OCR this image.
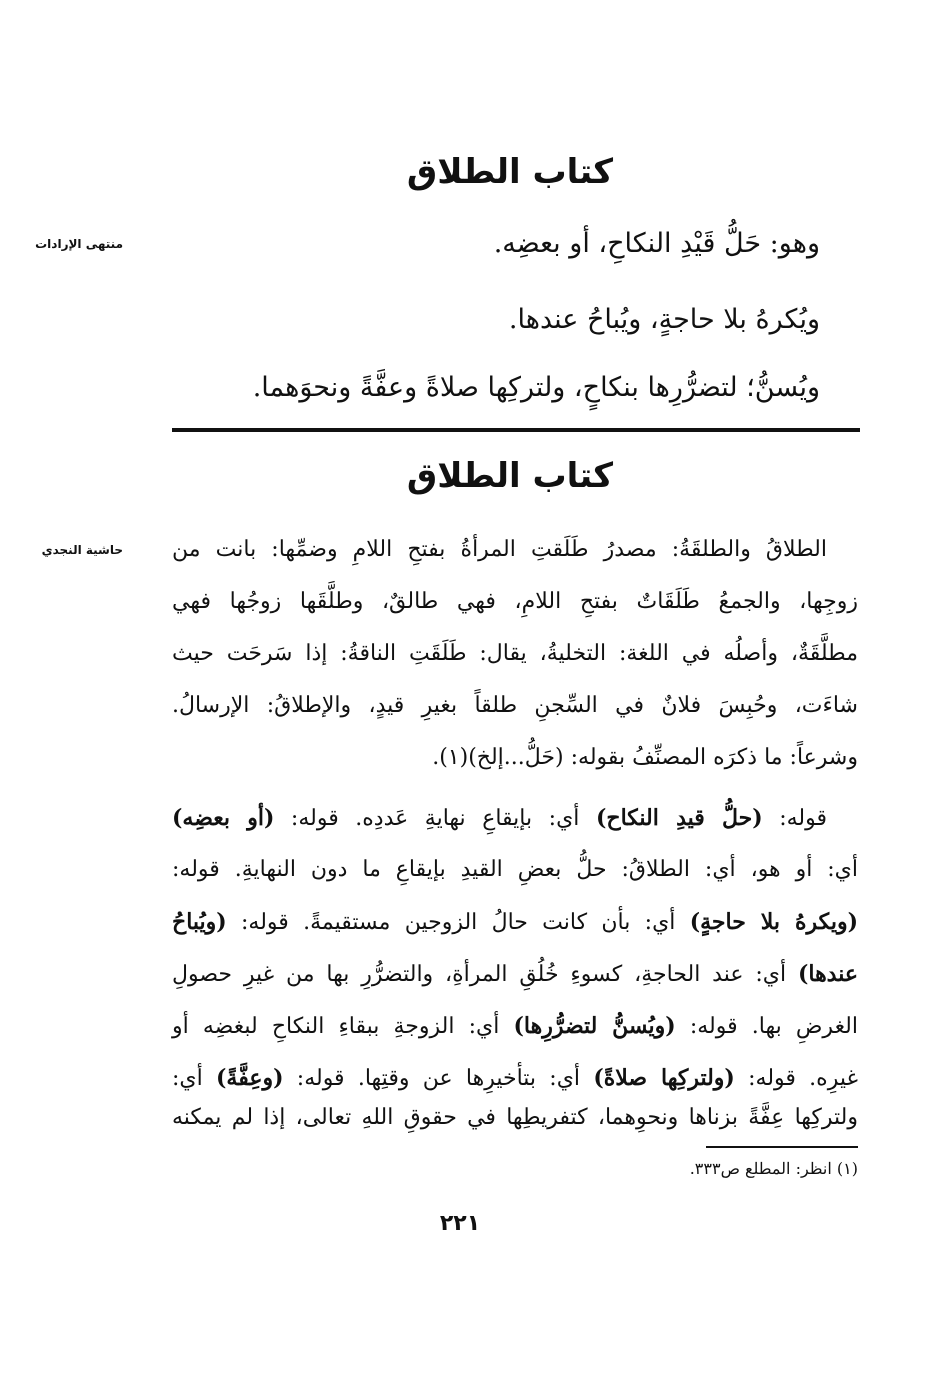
كتاب الطلاق
منتهى الإرادات	وهو: حَلُّ قَيْدِ النكاحِ، أو بعضِه.
ويُكرهُ بلا حاجةٍ، ويُباحُ عندها.
ويُسنُّ؛ لتضرُّرِها بنكاحٍ، ولتركِها صلاةً وعفَّةً ونحوَهما.
كتاب الطلاق
حاشية النجدي الطلاقُ والطلقَةُ: مصدرُ طَلَقتِ المرأةُ بفتحِ اللامِ وضمِّها: بانت من
زوجِها، والجمعُ طَلَقَاتٌ بفتحِ اللامِ، فهي طالقٌ، وطلَّقَها زوجُها فهي
مطلَّقَةٌ، وأصلُه في اللغة: التخليةُ، يقال: طَلَقَتِ الناقةُ: إذا سَرحَت حيث
شاءَت، وحُبِسَ فلانٌ في السِّجنِ طلقاً بغيرِ قيدٍ، والإطلاقُ: الإرسالُ.
وشرعاً: ما ذكرَه المصنِّفُ بقوله: (حَلُّ...إلخ)(١).
قوله: (حلُّ قيدِ النكاح) أي: بإيقاعِ نهايةِ عَددِه. قوله: (أو بعضِه)
أي: أو هو، أي: الطلاقُ: حلُّ بعضِ القيدِ بإيقاعِ ما دون النهايةِ. قوله:
(ويكرهُ بلا حاجةٍ) أي: بأن كانت حالُ الزوجين مستقيمةً. قوله: (ويُباحُ
عندها) أي: عند الحاجةِ، كسوءِ خُلُقِ المرأةِ، والتضرُّرِ بها من غيرِ حصولِ
الغرضِ بها. قوله: (ويُسنُّ لتضرُّرِها) أي: الزوجةِ ببقاءِ النكاحِ لبغضِه أو
غيرِه. قوله: (ولتركِها صلاةً) أي: بتأخيرِها عن وقتِها. قوله: (وعِفَّةً) أي:
ولتركِها عِفَّةً بزناها ونحوِهما، كتفريطِها في حقوقِ اللهِ تعالى، إذا لم يمكنه
(١) انظر: المطلع ص٣٣٣.
٢٢١
